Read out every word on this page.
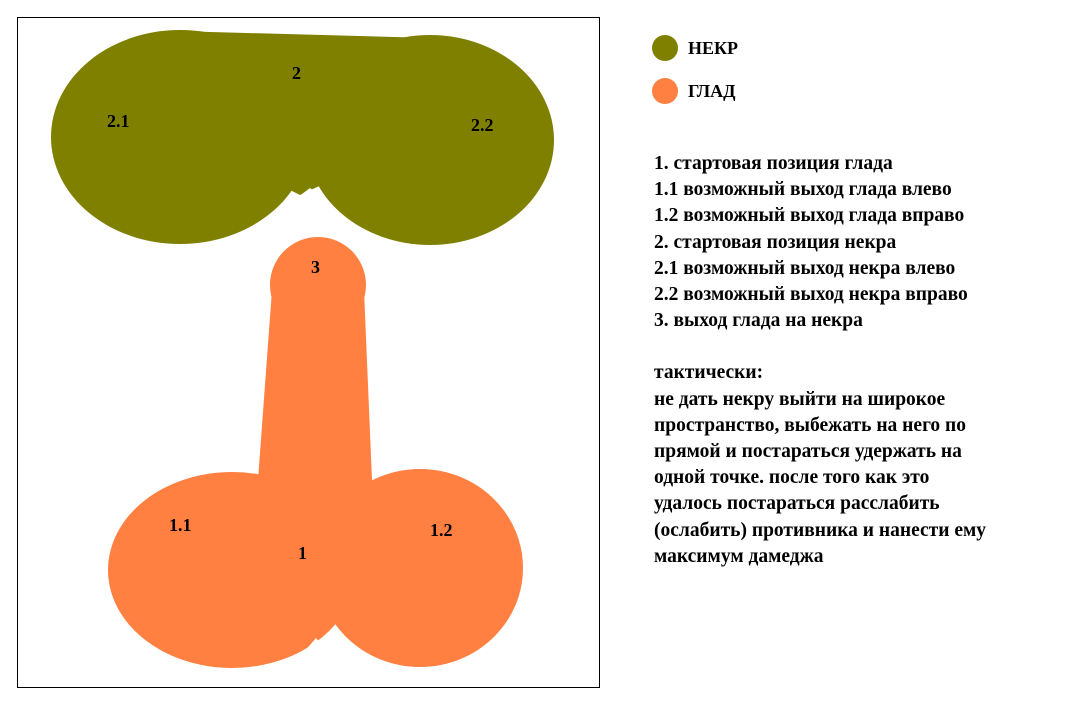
2
2.1	2.2
3
1.1	1.2
1
НЕКР
ГЛАД
1. стартовая позиция глада
1.1 возможный выход глада влево
1.2 возможный выход глада вправо
2. стартовая позиция некра
2.1 возможный выход некра влево
2.2 возможный выход некра вправо
3. выход глада на некра
тактически:
не дать некру выйти на широкое
пространство, выбежать на него по
прямой и постараться удержать на
одной точке. после того как это
удалось постараться расслабить
(ослабить) противника и нанести ему
максимум дамеджа
